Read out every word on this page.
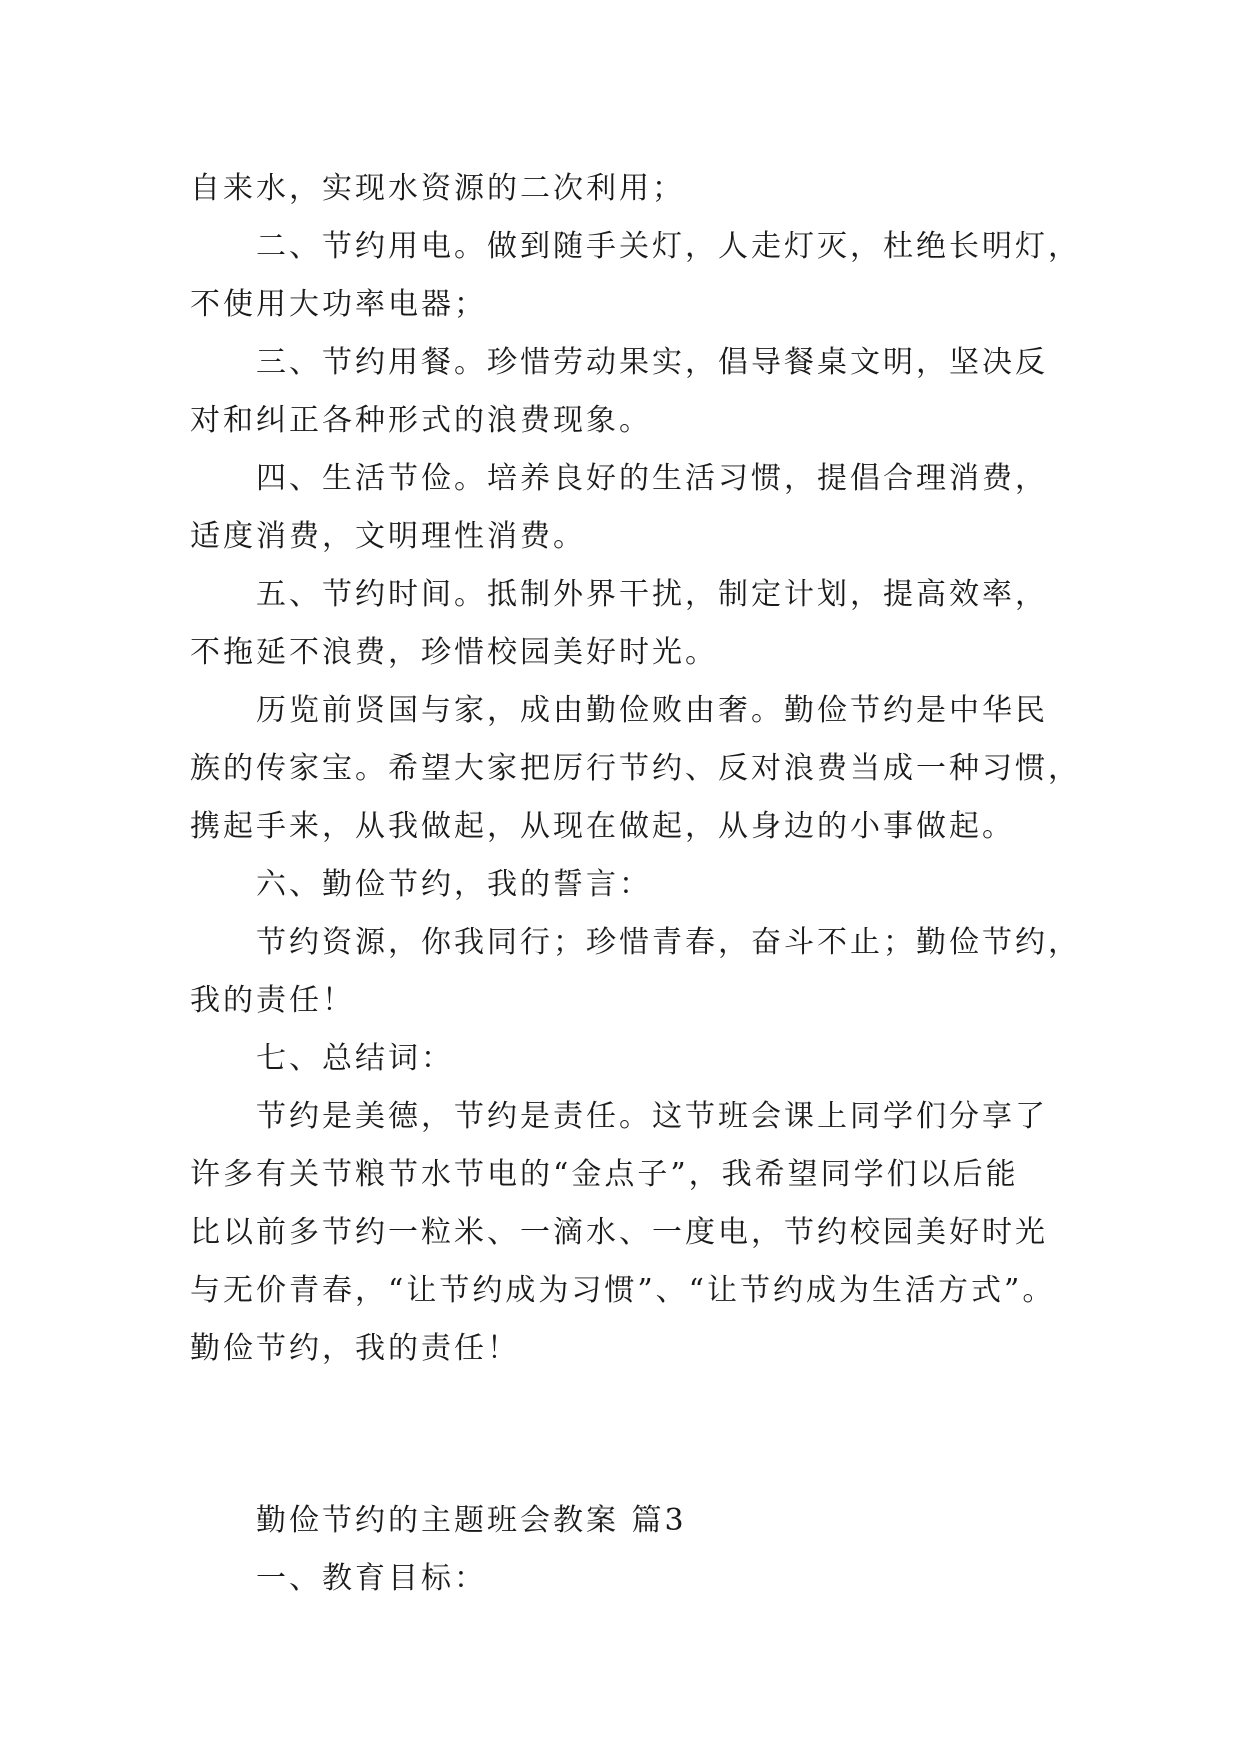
自来水，实现水资源的二次利用；
二、节约用电。做到随手关灯，人走灯灭，杜绝长明灯，
不使用大功率电器；
三、节约用餐。珍惜劳动果实，倡导餐桌文明，坚决反
对和纠正各种形式的浪费现象。
四、生活节俭。培养良好的生活习惯，提倡合理消费，
适度消费，文明理性消费。
五、节约时间。抵制外界干扰，制定计划，提高效率，
不拖延不浪费，珍惜校园美好时光。
历览前贤国与家，成由勤俭败由奢。勤俭节约是中华民
族的传家宝。希望大家把厉行节约、反对浪费当成一种习惯，
携起手来，从我做起，从现在做起，从身边的小事做起。
六、勤俭节约，我的誓言：
节约资源，你我同行；珍惜青春，奋斗不止；勤俭节约，
我的责任！
七、总结词：
节约是美德，节约是责任。这节班会课上同学们分享了
许多有关节粮节水节电的“金点子”，我希望同学们以后能
比以前多节约一粒米、一滴水、一度电，节约校园美好时光
与无价青春，“让节约成为习惯”、“让节约成为生活方式”。
勤俭节约，我的责任！
勤俭节约的主题班会教案 篇3
一、教育目标：
